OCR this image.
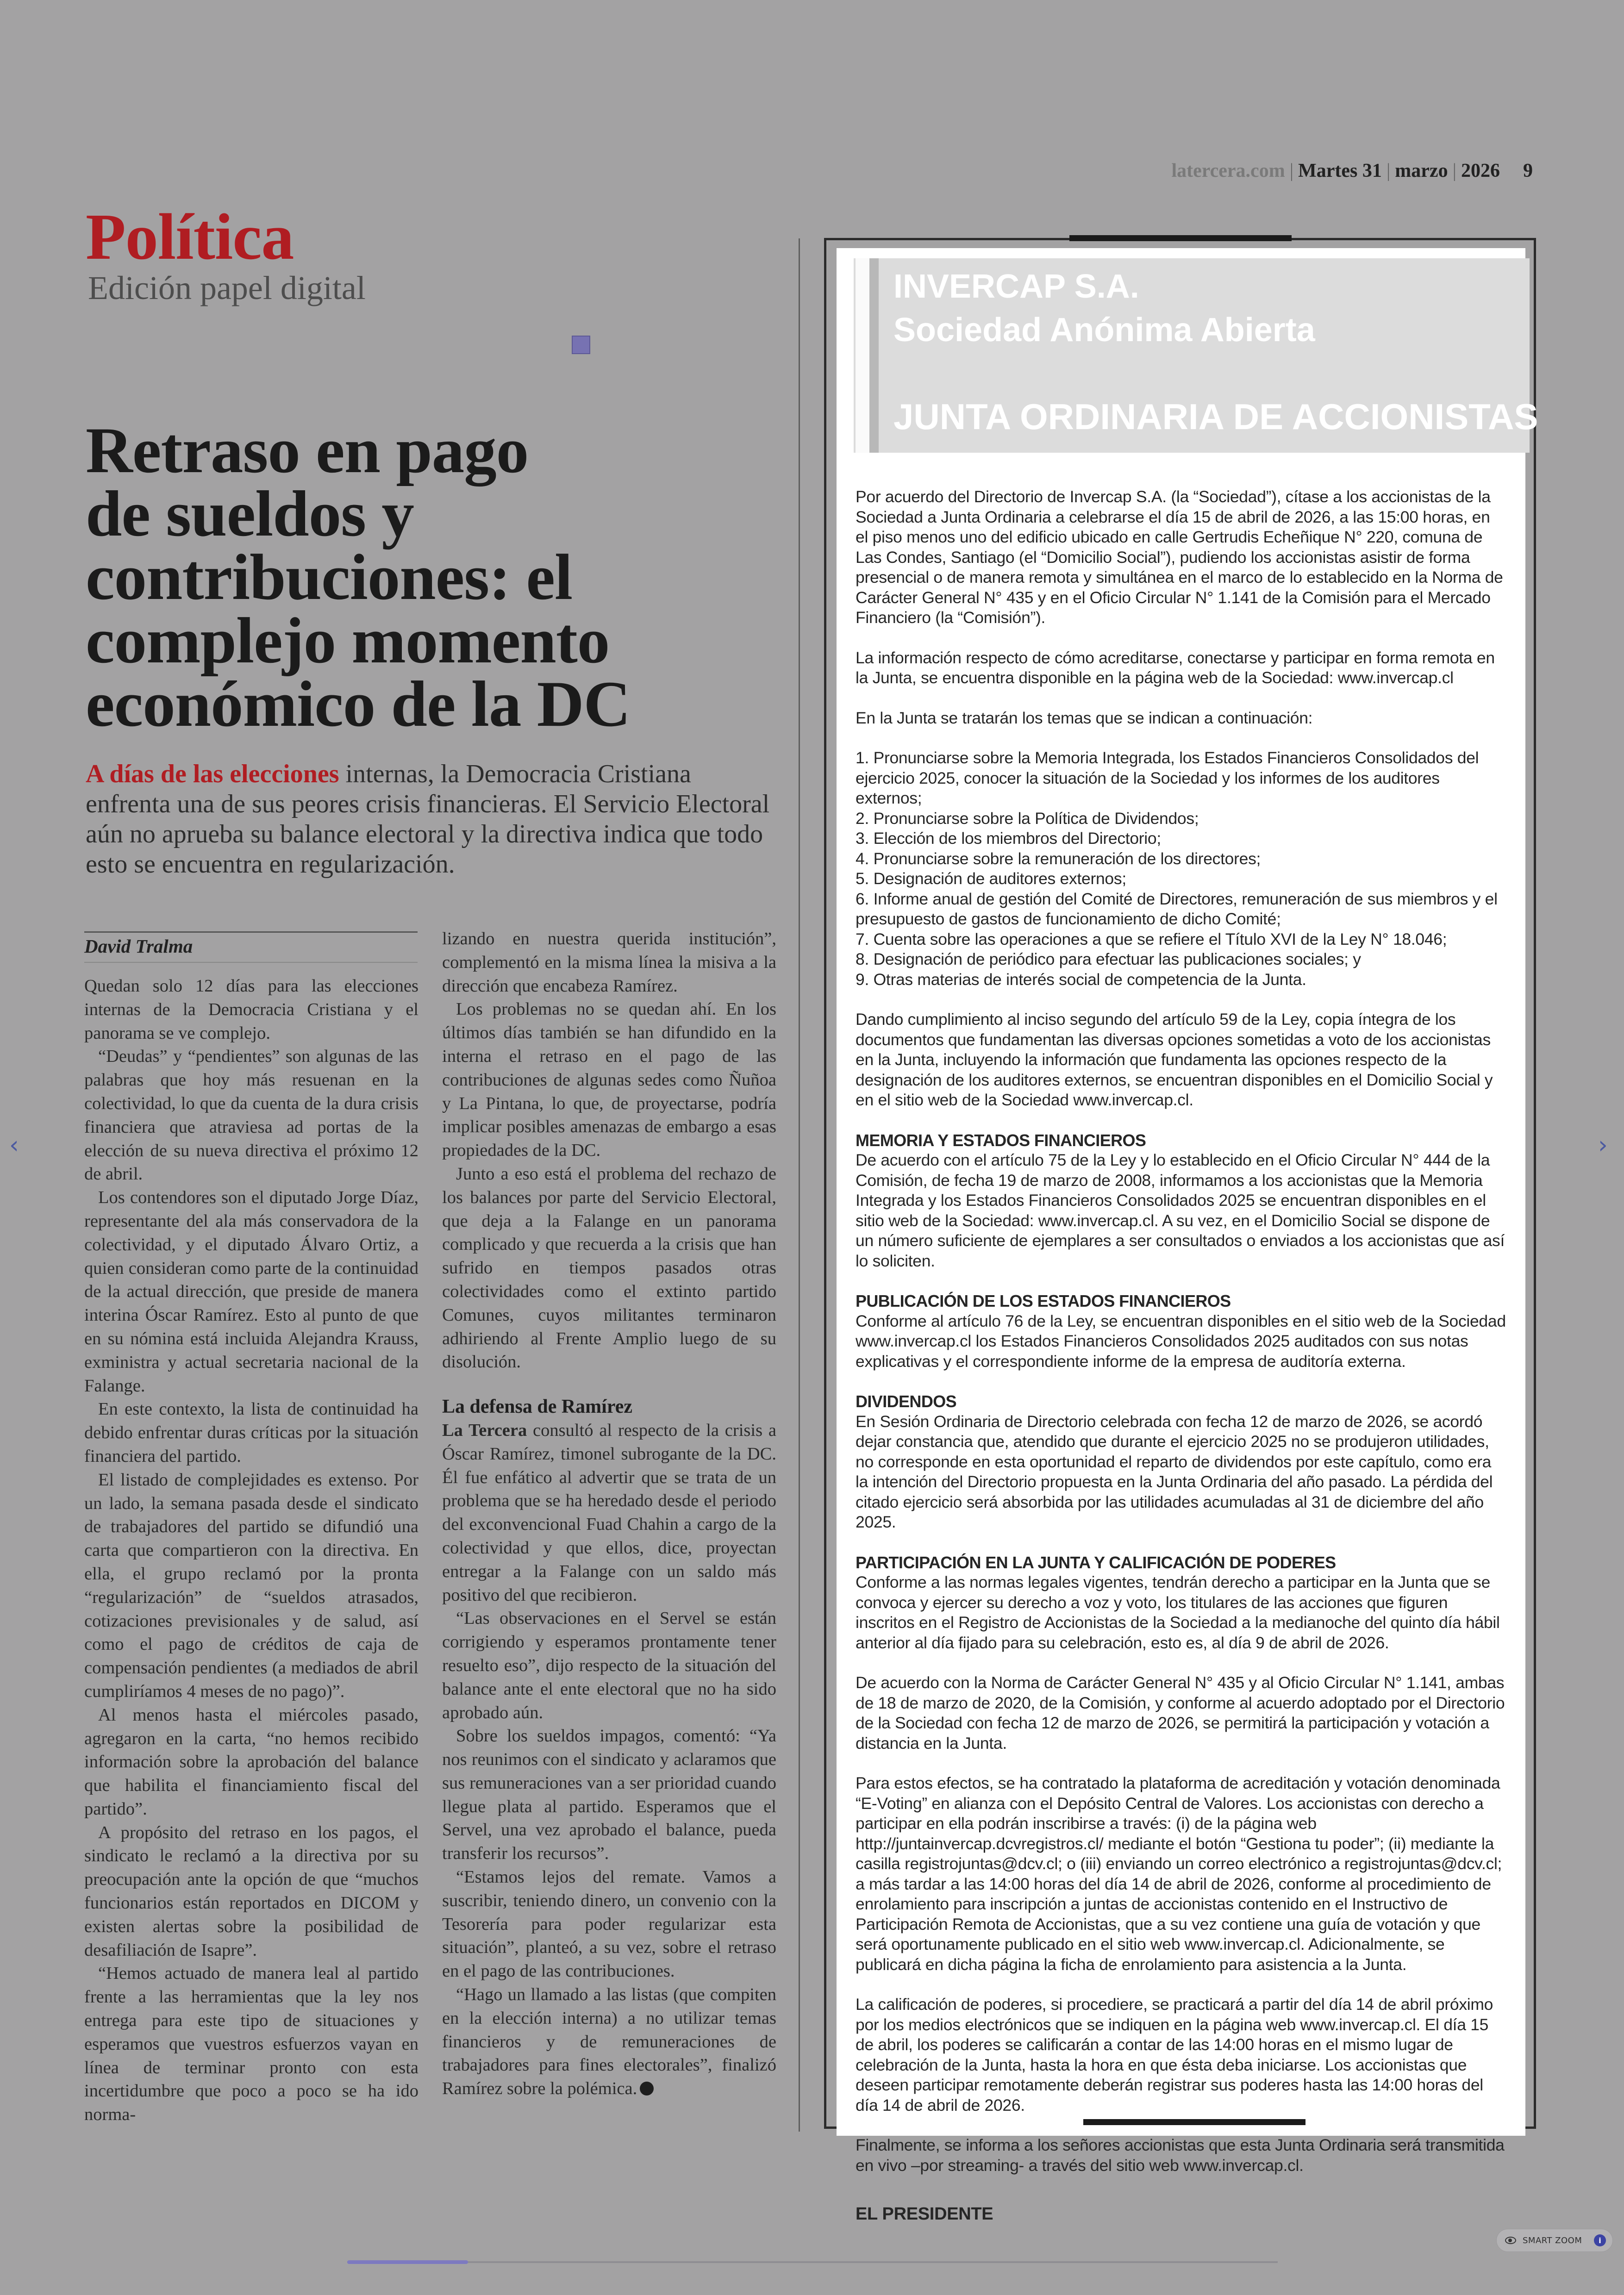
latercera.com | Martes 31 | marzo | 2026 9
Política
Edición papel digital
Retraso en pago
de sueldos y
contribuciones: el
complejo momento
económico de la DC
A días de las elecciones internas, la Democracia Cristiana enfrenta una de sus peores crisis financieras. El Servicio Electoral aún no aprueba su balance electoral y la directiva indica que todo esto se encuentra en regularización.
David Tralma

Quedan solo 12 días para las elecciones internas de la Democracia Cristiana y el panorama se ve complejo.

“Deudas” y “pendientes” son algunas de las palabras que hoy más resuenan en la colectividad, lo que da cuenta de la dura crisis financiera que atraviesa ad portas de la elección de su nueva directiva el próximo 12 de abril.

Los contendores son el diputado Jorge Díaz, representante del ala más conservadora de la colectividad, y el diputado Álvaro Ortiz, a quien consideran como parte de la continuidad de la actual dirección, que preside de manera interina Óscar Ramírez. Esto al punto de que en su nómina está incluida Alejandra Krauss, exministra y actual secretaria nacional de la Falange.

En este contexto, la lista de continuidad ha debido enfrentar duras críticas por la situación financiera del partido.

El listado de complejidades es extenso. Por un lado, la semana pasada desde el sindicato de trabajadores del partido se difundió una carta que compartieron con la directiva. En ella, el grupo reclamó por la pronta “regularización” de “sueldos atrasados, cotizaciones previsionales y de salud, así como el pago de créditos de caja de compensación pendientes (a mediados de abril cumpliríamos 4 meses de no pago)”.

Al menos hasta el miércoles pasado, agregaron en la carta, “no hemos recibido información sobre la aprobación del balance que habilita el financiamiento fiscal del partido”.

A propósito del retraso en los pagos, el sindicato le reclamó a la directiva por su preocupación ante la opción de que “muchos funcionarios están reportados en DICOM y existen alertas sobre la posibilidad de desafiliación de Isapre”.

“Hemos actuado de manera leal al partido frente a las herramientas que la ley nos entrega para este tipo de situaciones y esperamos que vuestros esfuerzos vayan en línea de terminar pronto con esta incertidumbre que poco a poco se ha ido norma-

lizando en nuestra querida institución”, complementó en la misma línea la misiva a la dirección que encabeza Ramírez.

Los problemas no se quedan ahí. En los últimos días también se han difundido en la interna el retraso en el pago de las contribuciones de algunas sedes como Ñuñoa y La Pintana, lo que, de proyectarse, podría implicar posibles amenazas de embargo a esas propiedades de la DC.

Junto a eso está el problema del rechazo de los balances por parte del Servicio Electoral, que deja a la Falange en un panorama complicado y que recuerda a la crisis que han sufrido en tiempos pasados otras colectividades como el extinto partido Comunes, cuyos militantes terminaron adhiriendo al Frente Amplio luego de su disolución.

La defensa de Ramírez

La Tercera consultó al respecto de la crisis a Óscar Ramírez, timonel subrogante de la DC. Él fue enfático al advertir que se trata de un problema que se ha heredado desde el periodo del exconvencional Fuad Chahin a cargo de la colectividad y que ellos, dice, proyectan entregar a la Falange con un saldo más positivo del que recibieron.

“Las observaciones en el Servel se están corrigiendo y esperamos prontamente tener resuelto eso”, dijo respecto de la situación del balance ante el ente electoral que no ha sido aprobado aún.

Sobre los sueldos impagos, comentó: “Ya nos reunimos con el sindicato y aclaramos que sus remuneraciones van a ser prioridad cuando llegue plata al partido. Esperamos que el Servel, una vez aprobado el balance, pueda transferir los recursos”.

“Estamos lejos del remate. Vamos a suscribir, teniendo dinero, un convenio con la Tesorería para poder regularizar esta situación”, planteó, a su vez, sobre el retraso en el pago de las contribuciones.

“Hago un llamado a las listas (que compiten en la elección interna) a no utilizar temas financieros y de remuneraciones de trabajadores para fines electorales”, finalizó Ramírez sobre la polémica.

INVERCAP S.A.
Sociedad Anónima Abierta
JUNTA ORDINARIA DE ACCIONISTAS

Por acuerdo del Directorio de Invercap S.A. (la “Sociedad”), cítase a los accionistas de la Sociedad a Junta Ordinaria a celebrarse el día 15 de abril de 2026, a las 15:00 horas, en el piso menos uno del edificio ubicado en calle Gertrudis Echeñique N° 220, comuna de Las Condes, Santiago (el “Domicilio Social”), pudiendo los accionistas asistir de forma presencial o de manera remota y simultánea en el marco de lo establecido en la Norma de Carácter General N° 435 y en el Oficio Circular N° 1.141 de la Comisión para el Mercado Financiero (la “Comisión”).

La información respecto de cómo acreditarse, conectarse y participar en forma remota en la Junta, se encuentra disponible en la página web de la Sociedad: www.invercap.cl

En la Junta se tratarán los temas que se indican a continuación:

1. Pronunciarse sobre la Memoria Integrada, los Estados Financieros Consolidados del ejercicio 2025, conocer la situación de la Sociedad y los informes de los auditores externos;

2. Pronunciarse sobre la Política de Dividendos;

3. Elección de los miembros del Directorio;

4. Pronunciarse sobre la remuneración de los directores;

5. Designación de auditores externos;

6. Informe anual de gestión del Comité de Directores, remuneración de sus miembros y el presupuesto de gastos de funcionamiento de dicho Comité;

7. Cuenta sobre las operaciones a que se refiere el Título XVI de la Ley N° 18.046;

8. Designación de periódico para efectuar las publicaciones sociales; y

9. Otras materias de interés social de competencia de la Junta.

Dando cumplimiento al inciso segundo del artículo 59 de la Ley, copia íntegra de los documentos que fundamentan las diversas opciones sometidas a voto de los accionistas en la Junta, incluyendo la información que fundamenta las opciones respecto de la designación de los auditores externos, se encuentran disponibles en el Domicilio Social y en el sitio web de la Sociedad www.invercap.cl.

MEMORIA Y ESTADOS FINANCIEROS

De acuerdo con el artículo 75 de la Ley y lo establecido en el Oficio Circular N° 444 de la Comisión, de fecha 19 de marzo de 2008, informamos a los accionistas que la Memoria Integrada y los Estados Financieros Consolidados 2025 se encuentran disponibles en el sitio web de la Sociedad: www.invercap.cl. A su vez, en el Domicilio Social se dispone de un número suficiente de ejemplares a ser consultados o enviados a los accionistas que así lo soliciten.

PUBLICACIÓN DE LOS ESTADOS FINANCIEROS

Conforme al artículo 76 de la Ley, se encuentran disponibles en el sitio web de la Sociedad www.invercap.cl los Estados Financieros Consolidados 2025 auditados con sus notas explicativas y el correspondiente informe de la empresa de auditoría externa.

DIVIDENDOS

En Sesión Ordinaria de Directorio celebrada con fecha 12 de marzo de 2026, se acordó dejar constancia que, atendido que durante el ejercicio 2025 no se produjeron utilidades, no corresponde en esta oportunidad el reparto de dividendos por este capítulo, como era la intención del Directorio propuesta en la Junta Ordinaria del año pasado. La pérdida del citado ejercicio será absorbida por las utilidades acumuladas al 31 de diciembre del año 2025.

PARTICIPACIÓN EN LA JUNTA Y CALIFICACIÓN DE PODERES

Conforme a las normas legales vigentes, tendrán derecho a participar en la Junta que se convoca y ejercer su derecho a voz y voto, los titulares de las acciones que figuren inscritos en el Registro de Accionistas de la Sociedad a la medianoche del quinto día hábil anterior al día fijado para su celebración, esto es, al día 9 de abril de 2026.

De acuerdo con la Norma de Carácter General N° 435 y al Oficio Circular N° 1.141, ambas de 18 de marzo de 2020, de la Comisión, y conforme al acuerdo adoptado por el Directorio de la Sociedad con fecha 12 de marzo de 2026, se permitirá la participación y votación a distancia en la Junta.

Para estos efectos, se ha contratado la plataforma de acreditación y votación denominada “E-Voting” en alianza con el Depósito Central de Valores. Los accionistas con derecho a participar en ella podrán inscribirse a través: (i) de la página web http://juntainvercap.dcvregistros.cl/ mediante el botón “Gestiona tu poder”; (ii) mediante la casilla registrojuntas@dcv.cl; o (iii) enviando un correo electrónico a registrojuntas@dcv.cl; a más tardar a las 14:00 horas del día 14 de abril de 2026, conforme al procedimiento de enrolamiento para inscripción a juntas de accionistas contenido en el Instructivo de Participación Remota de Accionistas, que a su vez contiene una guía de votación y que será oportunamente publicado en el sitio web www.invercap.cl. Adicionalmente, se publicará en dicha página la ficha de enrolamiento para asistencia a la Junta.

La calificación de poderes, si procediere, se practicará a partir del día 14 de abril próximo por los medios electrónicos que se indiquen en la página web www.invercap.cl. El día 15 de abril, los poderes se calificarán a contar de las 14:00 horas en el mismo lugar de celebración de la Junta, hasta la hora en que ésta deba iniciarse. Los accionistas que deseen participar remotamente deberán registrar sus poderes hasta las 14:00 horas del día 14 de abril de 2026.

Finalmente, se informa a los señores accionistas que esta Junta Ordinaria será transmitida en vivo –por streaming- a través del sitio web www.invercap.cl.

EL PRESIDENTE

‹	›
SMART ZOOM	i
